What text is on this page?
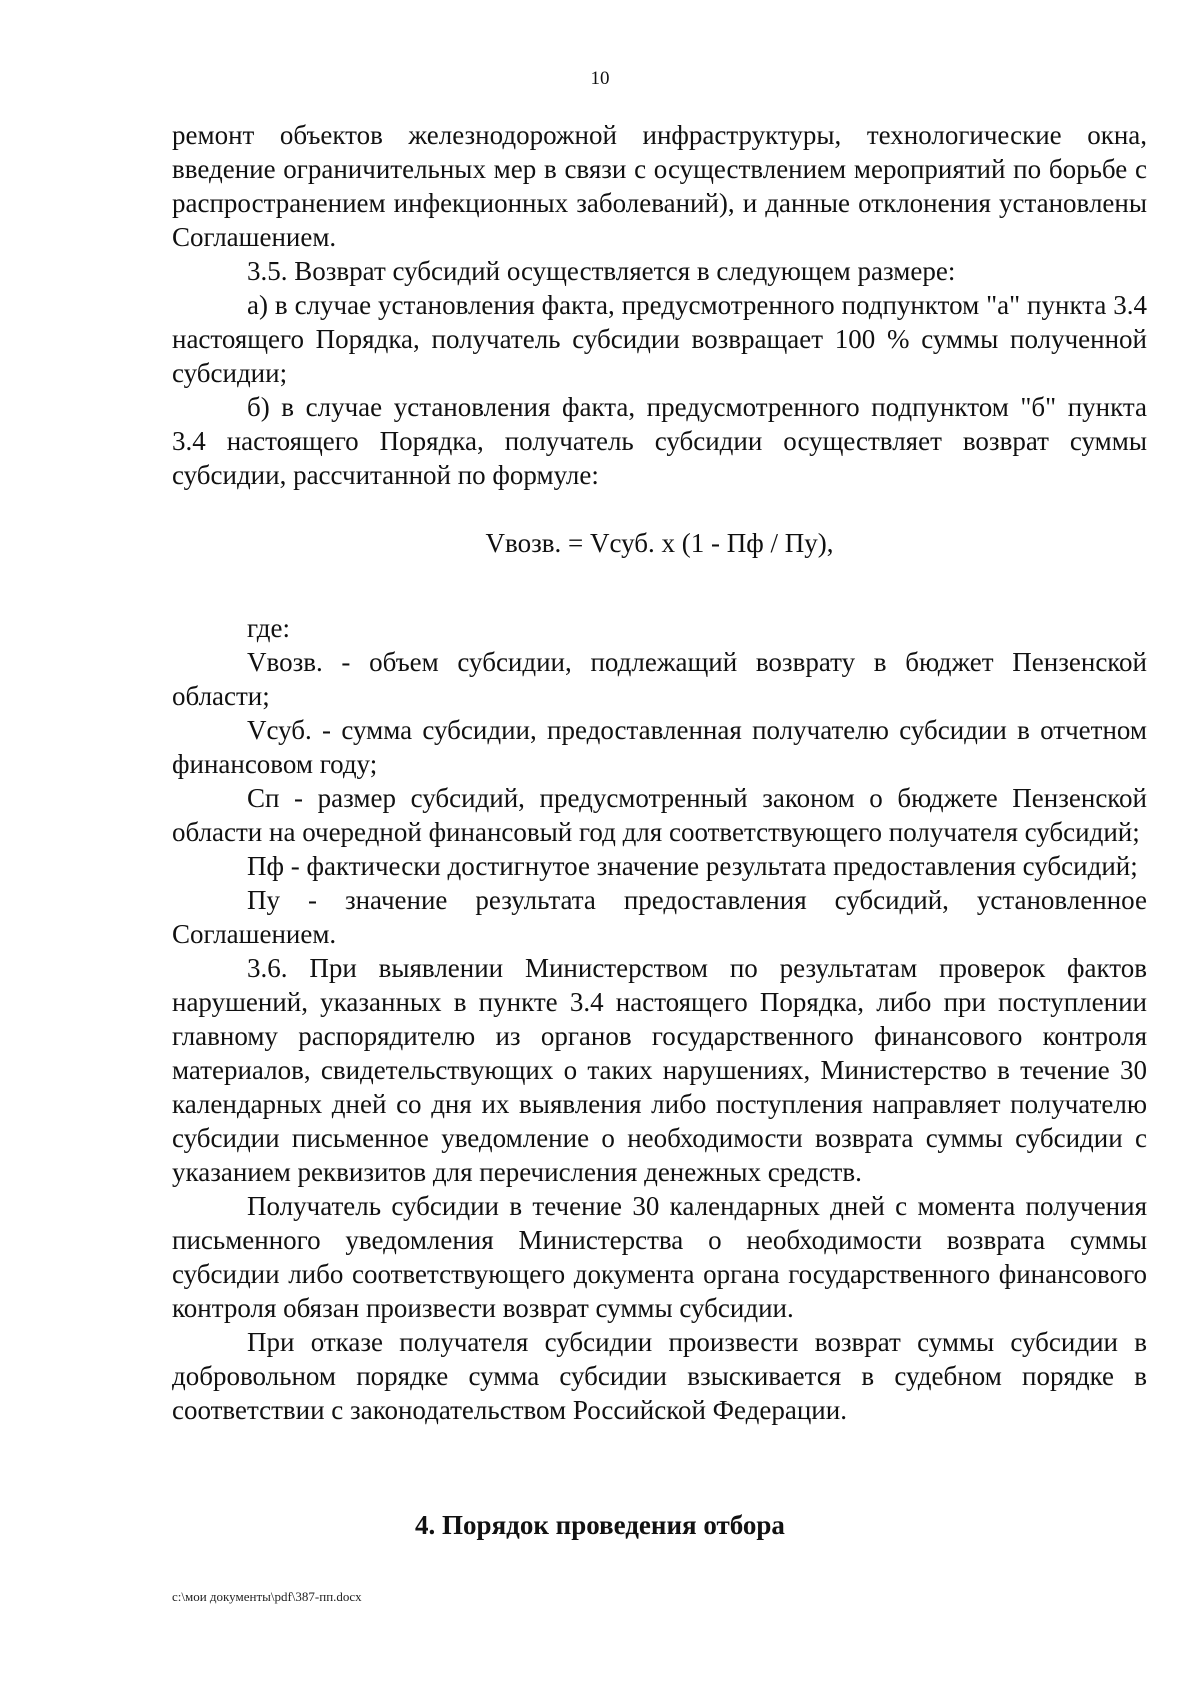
10

ремонт объектов железнодорожной инфраструктуры, технологические окна, введение ограничительных мер в связи с осуществлением мероприятий по борьбе с распространением инфекционных заболеваний), и данные отклонения установлены Соглашением.

3.5. Возврат субсидий осуществляется в следующем размере:

а) в случае установления факта, предусмотренного подпунктом "а" пункта 3.4 настоящего Порядка, получатель субсидии возвращает 100 % суммы полученной субсидии;

б) в случае установления факта, предусмотренного подпунктом "б" пункта 3.4 настоящего Порядка, получатель субсидии осуществляет возврат суммы субсидии, рассчитанной по формуле:

Vвозв. = Vсуб. x (1 - Пф / Пу),

где:

Vвозв. - объем субсидии, подлежащий возврату в бюджет Пензенской области;

Vсуб. - сумма субсидии, предоставленная получателю субсидии в отчетном финансовом году;

Сп - размер субсидий, предусмотренный законом о бюджете Пензенской области на очередной финансовый год для соответствующего получателя субсидий;

Пф - фактически достигнутое значение результата предоставления субсидий;

Пу - значение результата предоставления субсидий, установленное Соглашением.

3.6. При выявлении Министерством по результатам проверок фактов нарушений, указанных в пункте 3.4 настоящего Порядка, либо при поступлении главному распорядителю из органов государственного финансового контроля материалов, свидетельствующих о таких нарушениях, Министерство в течение 30 календарных дней со дня их выявления либо поступления направляет получателю субсидии письменное уведомление о необходимости возврата суммы субсидии с указанием реквизитов для перечисления денежных средств.

Получатель субсидии в течение 30 календарных дней с момента получения письменного уведомления Министерства о необходимости возврата суммы субсидии либо соответствующего документа органа государственного финансового контроля обязан произвести возврат суммы субсидии.

При отказе получателя субсидии произвести возврат суммы субсидии в добровольном порядке сумма субсидии взыскивается в судебном порядке в соответствии с законодательством Российской Федерации.

4. Порядок проведения отбора
c:\мои документы\pdf\387-пп.docx
